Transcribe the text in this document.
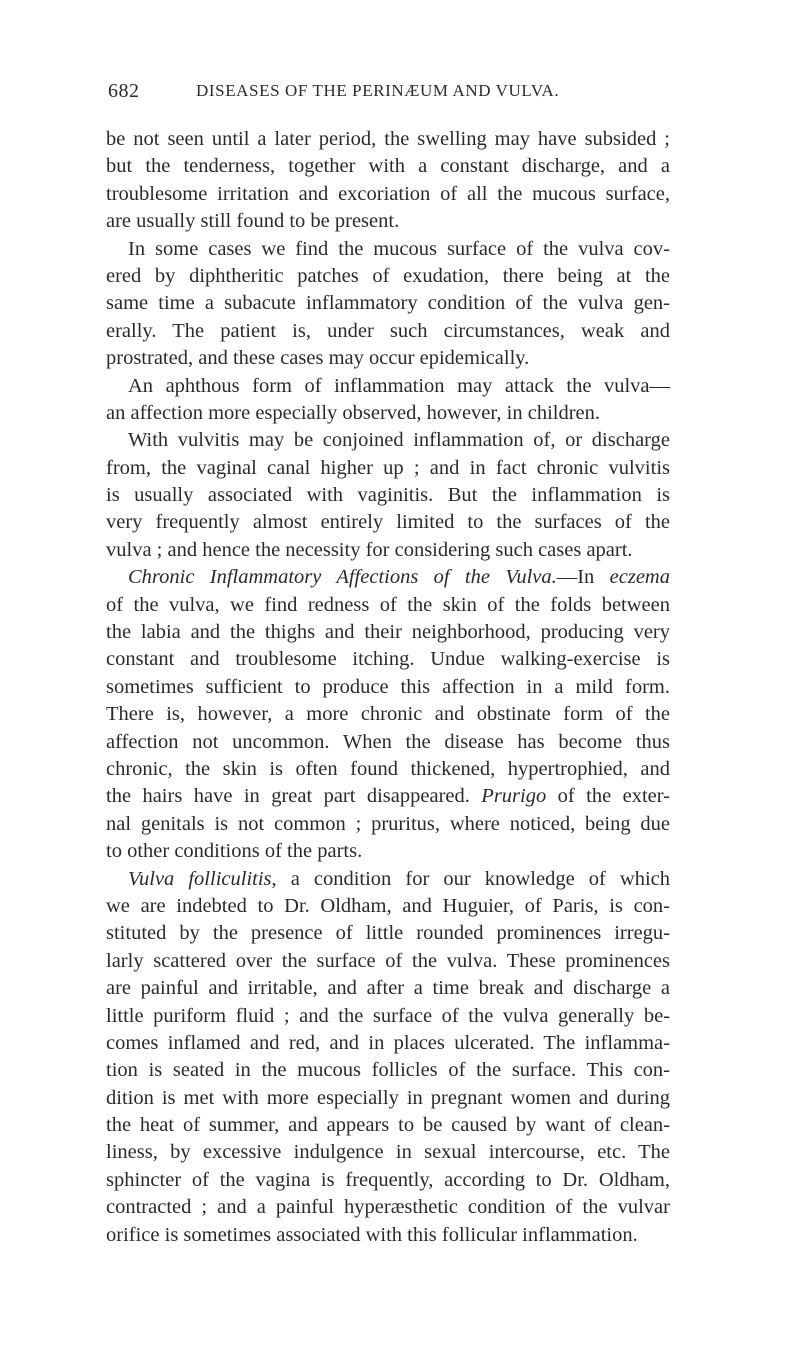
682	DISEASES OF THE PERINÆUM AND VULVA.
be not seen until a later period, the swelling may have subsided ;
but the tenderness, together with a constant discharge, and a
troublesome irritation and excoriation of all the mucous surface,
are usually still found to be present.
In some cases we find the mucous surface of the vulva cov-
ered by diphtheritic patches of exudation, there being at the
same time a subacute inflammatory condition of the vulva gen-
erally. The patient is, under such circumstances, weak and
prostrated, and these cases may occur epidemically.
An aphthous form of inflammation may attack the vulva—
an affection more especially observed, however, in children.
With vulvitis may be conjoined inflammation of, or discharge
from, the vaginal canal higher up ; and in fact chronic vulvitis
is usually associated with vaginitis. But the inflammation is
very frequently almost entirely limited to the surfaces of the
vulva ; and hence the necessity for considering such cases apart.
Chronic Inflammatory Affections of the Vulva.—In eczema
of the vulva, we find redness of the skin of the folds between
the labia and the thighs and their neighborhood, producing very
constant and troublesome itching. Undue walking-exercise is
sometimes sufficient to produce this affection in a mild form.
There is, however, a more chronic and obstinate form of the
affection not uncommon. When the disease has become thus
chronic, the skin is often found thickened, hypertrophied, and
the hairs have in great part disappeared. Prurigo of the exter-
nal genitals is not common ; pruritus, where noticed, being due
to other conditions of the parts.
Vulva folliculitis, a condition for our knowledge of which
we are indebted to Dr. Oldham, and Huguier, of Paris, is con-
stituted by the presence of little rounded prominences irregu-
larly scattered over the surface of the vulva. These prominences
are painful and irritable, and after a time break and discharge a
little puriform fluid ; and the surface of the vulva generally be-
comes inflamed and red, and in places ulcerated. The inflamma-
tion is seated in the mucous follicles of the surface. This con-
dition is met with more especially in pregnant women and during
the heat of summer, and appears to be caused by want of clean-
liness, by excessive indulgence in sexual intercourse, etc. The
sphincter of the vagina is frequently, according to Dr. Oldham,
contracted ; and a painful hyperæsthetic condition of the vulvar
orifice is sometimes associated with this follicular inflammation.
